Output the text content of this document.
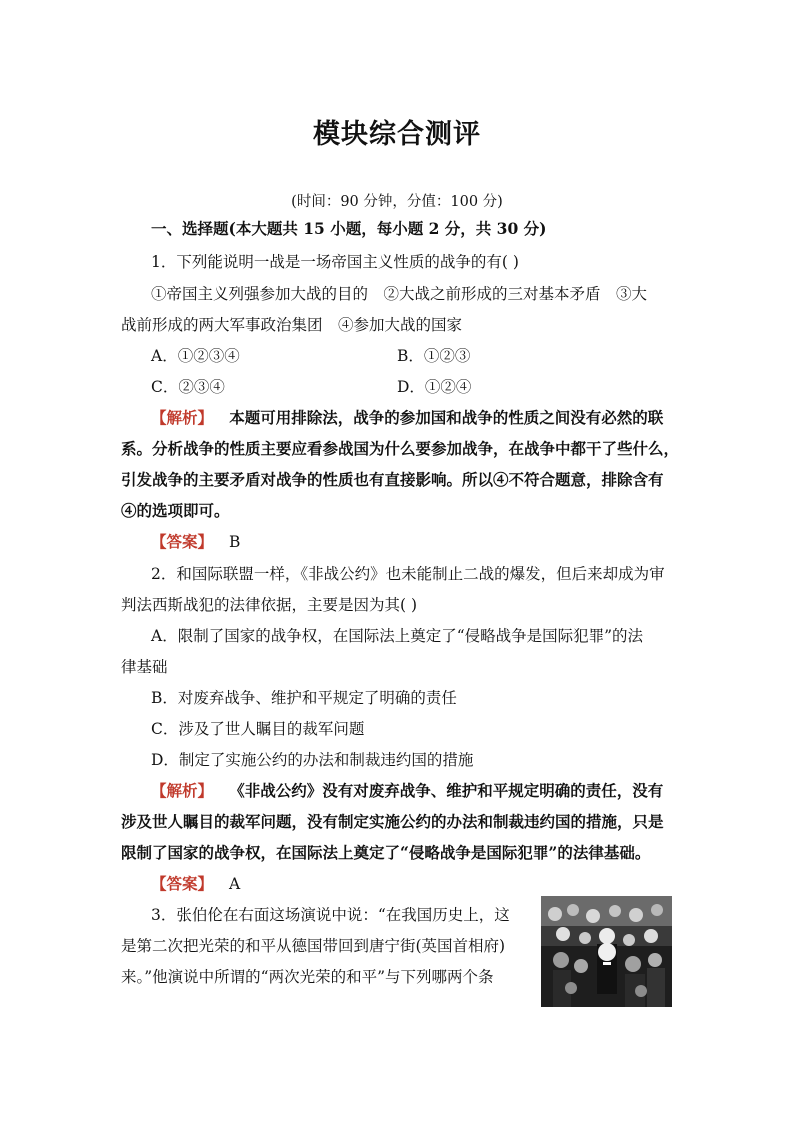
模块综合测评
(时间：90 分钟，分值：100 分)
一、选择题(本大题共 15 小题，每小题 2 分，共 30 分)
1．下列能说明一战是一场帝国主义性质的战争的有( )
①帝国主义列强参加大战的目的　②大战之前形成的三对基本矛盾　③大
战前形成的两大军事政治集团　④参加大战的国家
A．①②③④	B．①②③
C．②③④	D．①②④
【解析】 本题可用排除法，战争的参加国和战争的性质之间没有必然的联
系。分析战争的性质主要应看参战国为什么要参加战争，在战争中都干了些什么，
引发战争的主要矛盾对战争的性质也有直接影响。所以④不符合题意，排除含有
④的选项即可。
【答案】 B
2．和国际联盟一样，《非战公约》也未能制止二战的爆发，但后来却成为审
判法西斯战犯的法律依据，主要是因为其( )
A．限制了国家的战争权，在国际法上奠定了“侵略战争是国际犯罪”的法
律基础
B．对废弃战争、维护和平规定了明确的责任
C．涉及了世人瞩目的裁军问题
D．制定了实施公约的办法和制裁违约国的措施
【解析】 《非战公约》没有对废弃战争、维护和平规定明确的责任，没有
涉及世人瞩目的裁军问题，没有制定实施公约的办法和制裁违约国的措施，只是
限制了国家的战争权，在国际法上奠定了“侵略战争是国际犯罪”的法律基础。
【答案】 A
3．张伯伦在右面这场演说中说：“在我国历史上，这
是第二次把光荣的和平从德国带回到唐宁街(英国首相府)
来。”他演说中所谓的“两次光荣的和平”与下列哪两个条
